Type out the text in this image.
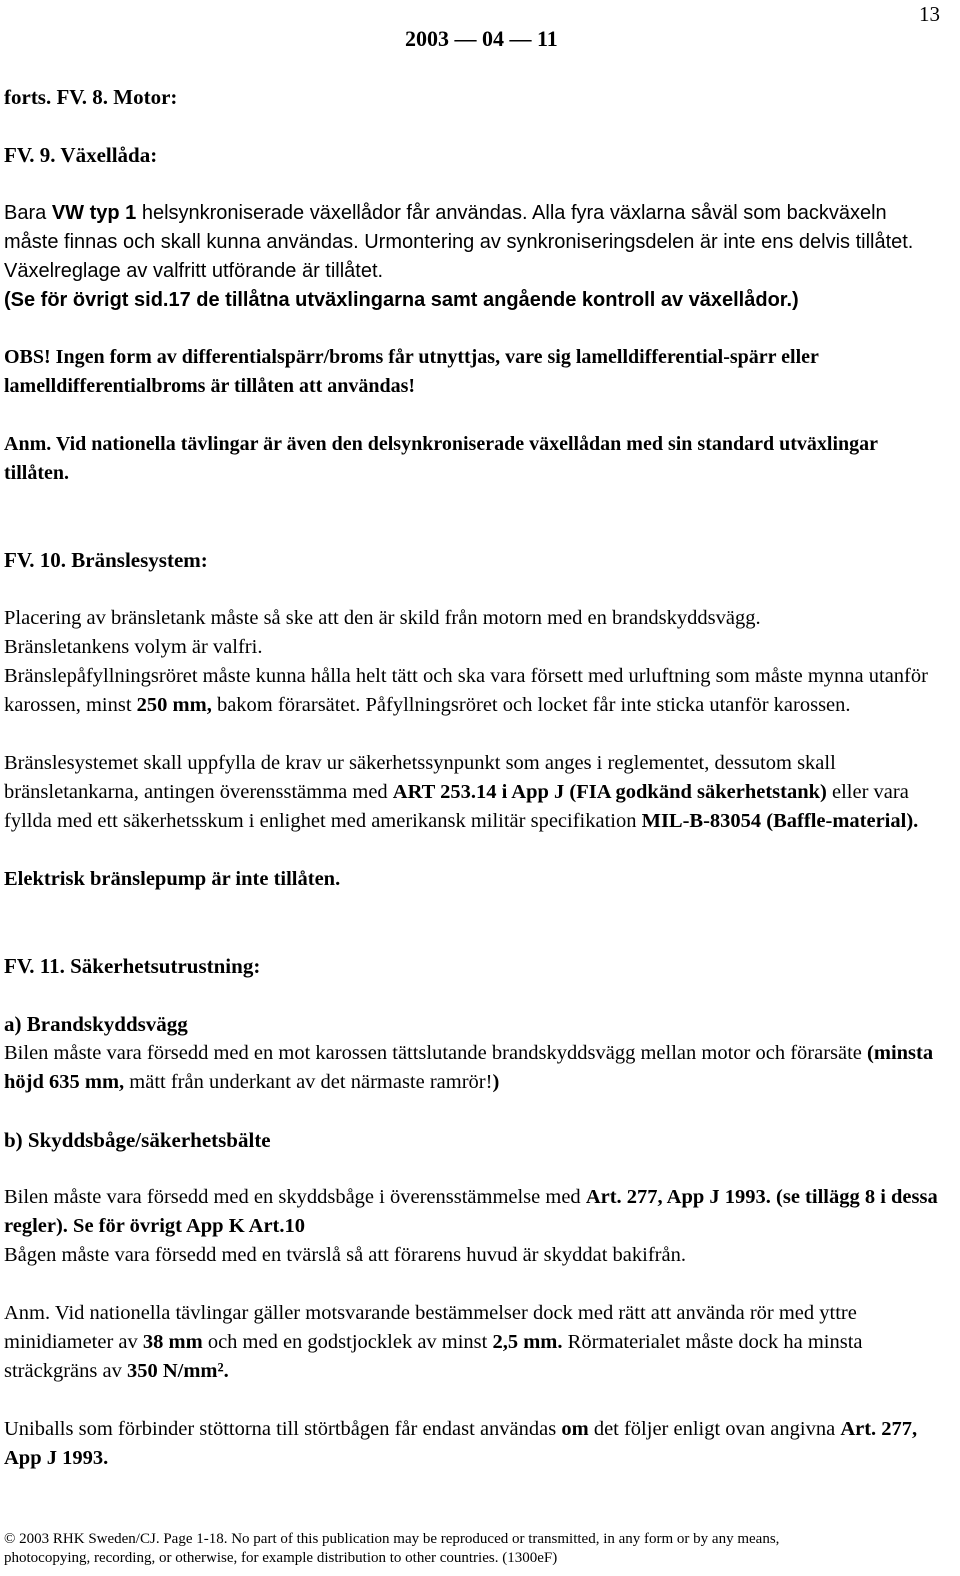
13
2003 — 04 — 11

forts. FV. 8. Motor:

FV. 9. Växellåda:

Bara VW typ 1 helsynkroniserade växellådor får användas. Alla fyra växlarna såväl som backväxeln måste finnas och skall kunna användas. Urmontering av synkroniseringsdelen är inte ens delvis tillåtet. Växelreglage av valfritt utförande är tillåtet.
(Se för övrigt sid.17 de tillåtna utväxlingarna samt angående kontroll av växellådor.)

OBS! Ingen form av differentialspärr/broms får utnyttjas, vare sig lamelldifferential-spärr eller lamelldifferentialbroms är tillåten att användas!

Anm. Vid nationella tävlingar är även den delsynkroniserade växellådan med sin standard utväxlingar tillåten.

FV. 10. Bränslesystem:

Placering av bränsletank måste så ske att den är skild från motorn med en brandskyddsvägg.

Bränsletankens volym är valfri.

Bränslepåfyllningsröret måste kunna hålla helt tätt och ska vara försett med urluftning som måste mynna utanför karossen, minst 250 mm, bakom förarsätet. Påfyllningsröret och locket får inte sticka utanför karossen.

Bränslesystemet skall uppfylla de krav ur säkerhetssynpunkt som anges i reglementet, dessutom skall bränsletankarna, antingen överensstämma med ART 253.14 i App J (FIA godkänd säkerhetstank) eller vara fyllda med ett säkerhetsskum i enlighet med amerikansk militär specifikation MIL-B-83054 (Baffle-material).

Elektrisk bränslepump är inte tillåten.

FV. 11. Säkerhetsutrustning:

a) Brandskyddsvägg

Bilen måste vara försedd med en mot karossen tättslutande brandskyddsvägg mellan motor och förarsäte (minsta höjd 635 mm, mätt från underkant av det närmaste ramrör!)

b) Skyddsbåge/säkerhetsbälte

Bilen måste vara försedd med en skyddsbåge i överensstämmelse med Art. 277, App J 1993. (se tillägg 8 i dessa regler). Se för övrigt App K Art.10

Bågen måste vara försedd med en tvärslå så att förarens huvud är skyddat bakifrån.

Anm. Vid nationella tävlingar gäller motsvarande bestämmelser dock med rätt att använda rör med yttre minidiameter av 38 mm och med en godstjocklek av minst 2,5 mm. Rörmaterialet måste dock ha minsta sträckgräns av 350 N/mm².

Uniballs som förbinder stöttorna till störtbågen får endast användas om det följer enligt ovan angivna Art. 277, App J 1993.

© 2003 RHK Sweden/CJ. Page 1-18. No part of this publication may be reproduced or transmitted, in any form or by any means,
photocopying, recording, or otherwise, for example distribution to other countries. (1300eF)
